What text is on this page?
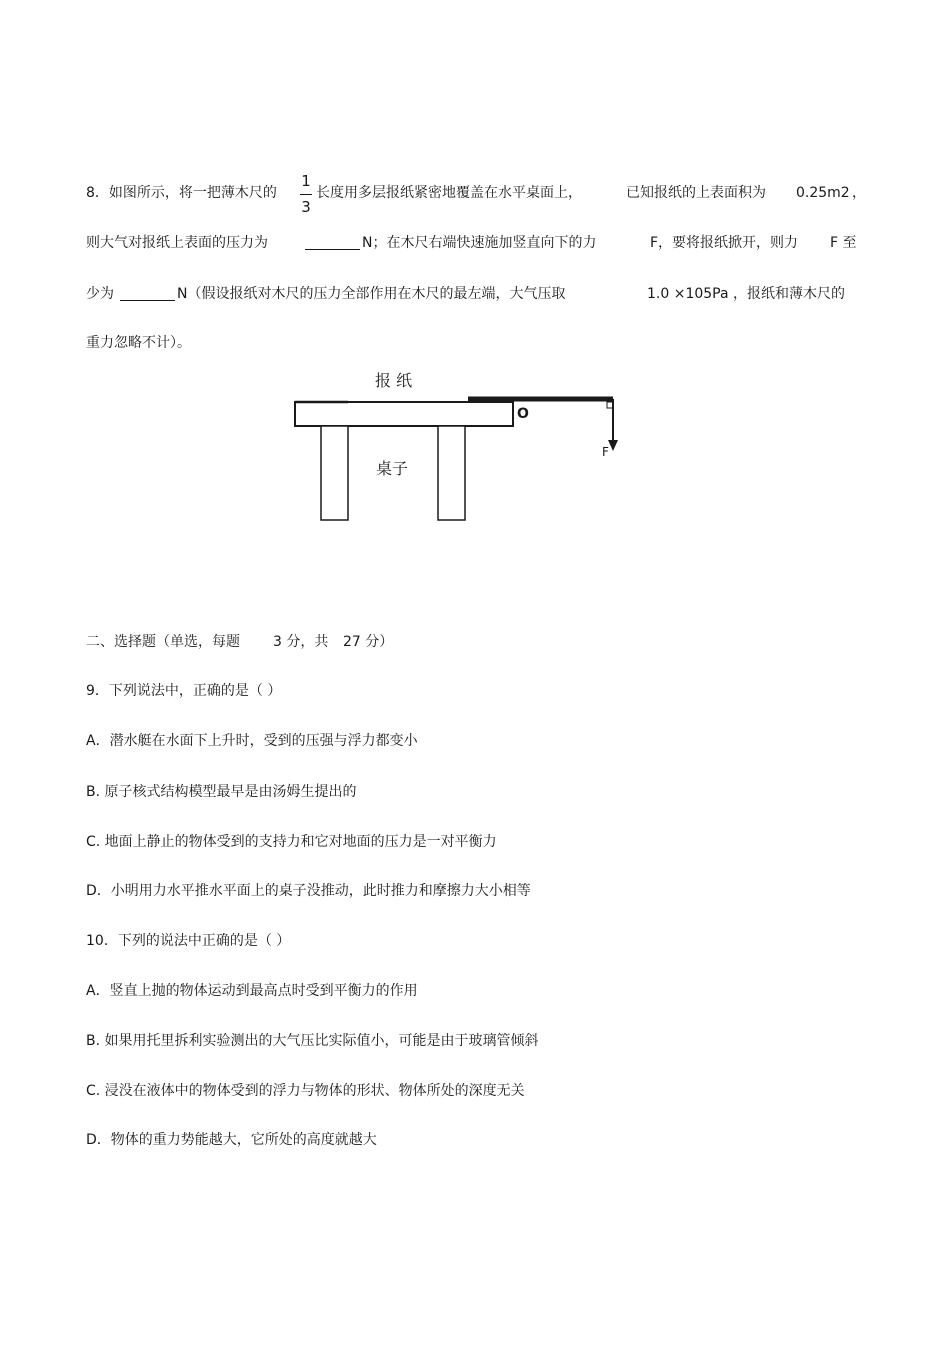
8．如图所示，将一把薄木尺的
1
3
长度用多层报纸紧密地覆盖在水平桌面上，	已知报纸的上表面积为 0.25m2 ，
则大气对报纸上表面的压力为	N；在木尺右端快速施加竖直向下的力	F，要将报纸掀开，则力 F 至
少为	N（假设报纸对木尺的压力全部作用在木尺的最左端，大气压取	1.0 ×105Pa ，报纸和薄木尺的
重力忽略不计）。
报 纸
桌子
O
F
二、选择题（单选，每题 3 分，共 27 分）
9．下列说法中，正确的是（ ）
A．潜水艇在水面下上升时，受到的压强与浮力都变小
B. 原子核式结构模型最早是由汤姆生提出的
C. 地面上静止的物体受到的支持力和它对地面的压力是一对平衡力
D．小明用力水平推水平面上的桌子没推动，此时推力和摩擦力大小相等
10．下列的说法中正确的是（ ）
A．竖直上抛的物体运动到最高点时受到平衡力的作用
B. 如果用托里拆利实验测出的大气压比实际值小，可能是由于玻璃管倾斜
C. 浸没在液体中的物体受到的浮力与物体的形状、物体所处的深度无关
D．物体的重力势能越大，它所处的高度就越大
